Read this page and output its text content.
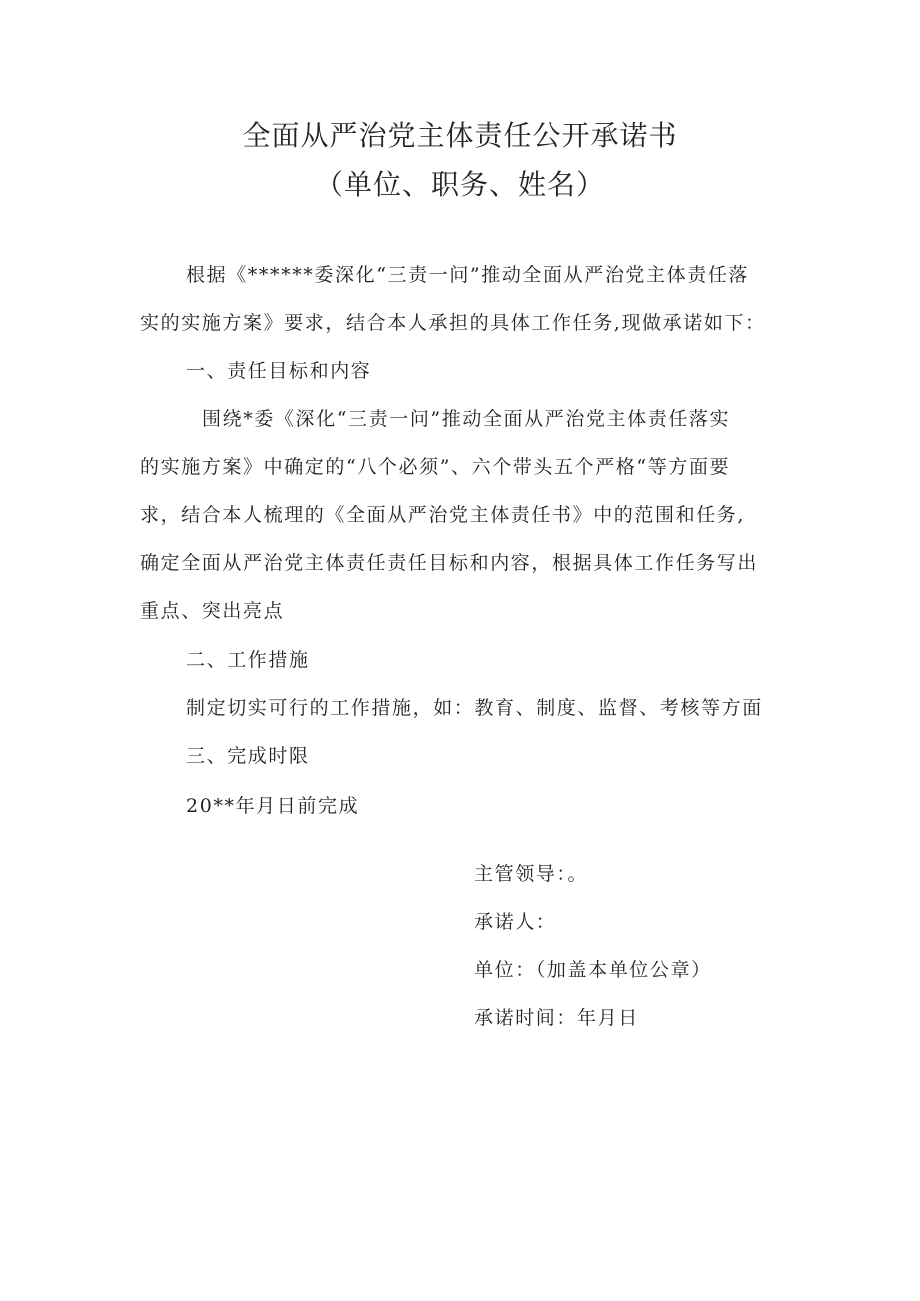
全面从严治党主体责任公开承诺书
（单位、职务、姓名）
根据《******委深化“三责一问”推动全面从严治党主体责任落
实的实施方案》要求，结合本人承担的具体工作任务,现做承诺如下：
一、责任目标和内容
围绕*委《深化“三责一问”推动全面从严治党主体责任落实
的实施方案》中确定的“八个必须”、六个带头五个严格“等方面要
求，结合本人梳理的《全面从严治党主体责任书》中的范围和任务,
确定全面从严治党主体责任责任目标和内容，根据具体工作任务写出
重点、突出亮点
二、工作措施
制定切实可行的工作措施，如：教育、制度、监督、考核等方面
三、完成时限
20**年月日前完成
主管领导：。
承诺人：
单位：（加盖本单位公章）
承诺时间：年月日
